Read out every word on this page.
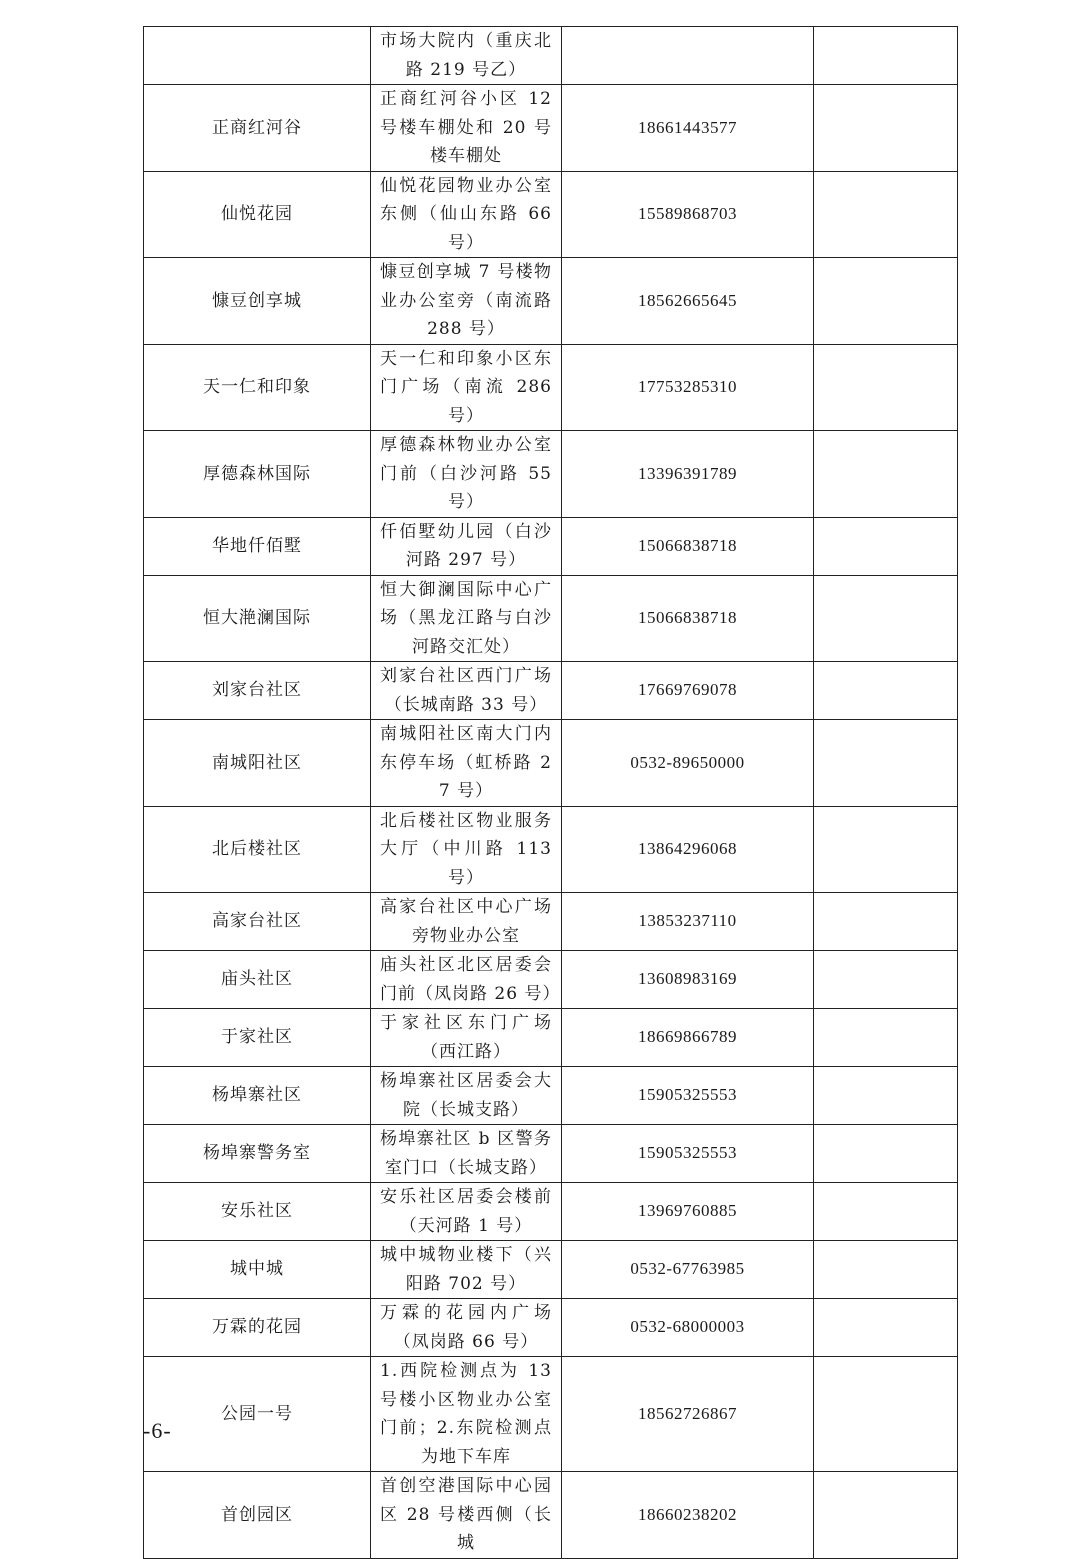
	市场大院内（重庆北路 219 号乙）		
正商红河谷	正商红河谷小区 12 号楼车棚处和 20 号楼车棚处	18661443577	
仙悦花园	仙悦花园物业办公室东侧（仙山东路 66 号）	15589868703	
慷豆创享城	慷豆创享城 7 号楼物业办公室旁（南流路 288 号）	18562665645	
天一仁和印象	天一仁和印象小区东门广场（南流 286 号）	17753285310	
厚德森林国际	厚德森林物业办公室门前（白沙河路 55 号）	13396391789	
华地仟佰墅	仟佰墅幼儿园（白沙河路 297 号）	15066838718	
恒大滟澜国际	恒大御澜国际中心广场（黑龙江路与白沙河路交汇处）	15066838718	
刘家台社区	刘家台社区西门广场（长城南路 33 号）	17669769078	
南城阳社区	南城阳社区南大门内东停车场（虹桥路 27 号）	0532-89650000	
北后楼社区	北后楼社区物业服务大厅（中川路 113 号）	13864296068	
高家台社区	高家台社区中心广场旁物业办公室	13853237110	
庙头社区	庙头社区北区居委会门前（凤岗路 26 号）	13608983169	
于家社区	于家社区东门广场（西江路）	18669866789	
杨埠寨社区	杨埠寨社区居委会大院（长城支路）	15905325553	
杨埠寨警务室	杨埠寨社区 b 区警务室门口（长城支路）	15905325553	
安乐社区	安乐社区居委会楼前（天河路 1 号）	13969760885	
城中城	城中城物业楼下（兴阳路 702 号）	0532-67763985	
万霖的花园	万霖的花园内广场（凤岗路 66 号）	0532-68000003	
公园一号	1.西院检测点为 13 号楼小区物业办公室门前；2.东院检测点为地下车库	18562726867	
首创园区	首创空港国际中心园区 28 号楼西侧（长城	18660238202	
-6-
